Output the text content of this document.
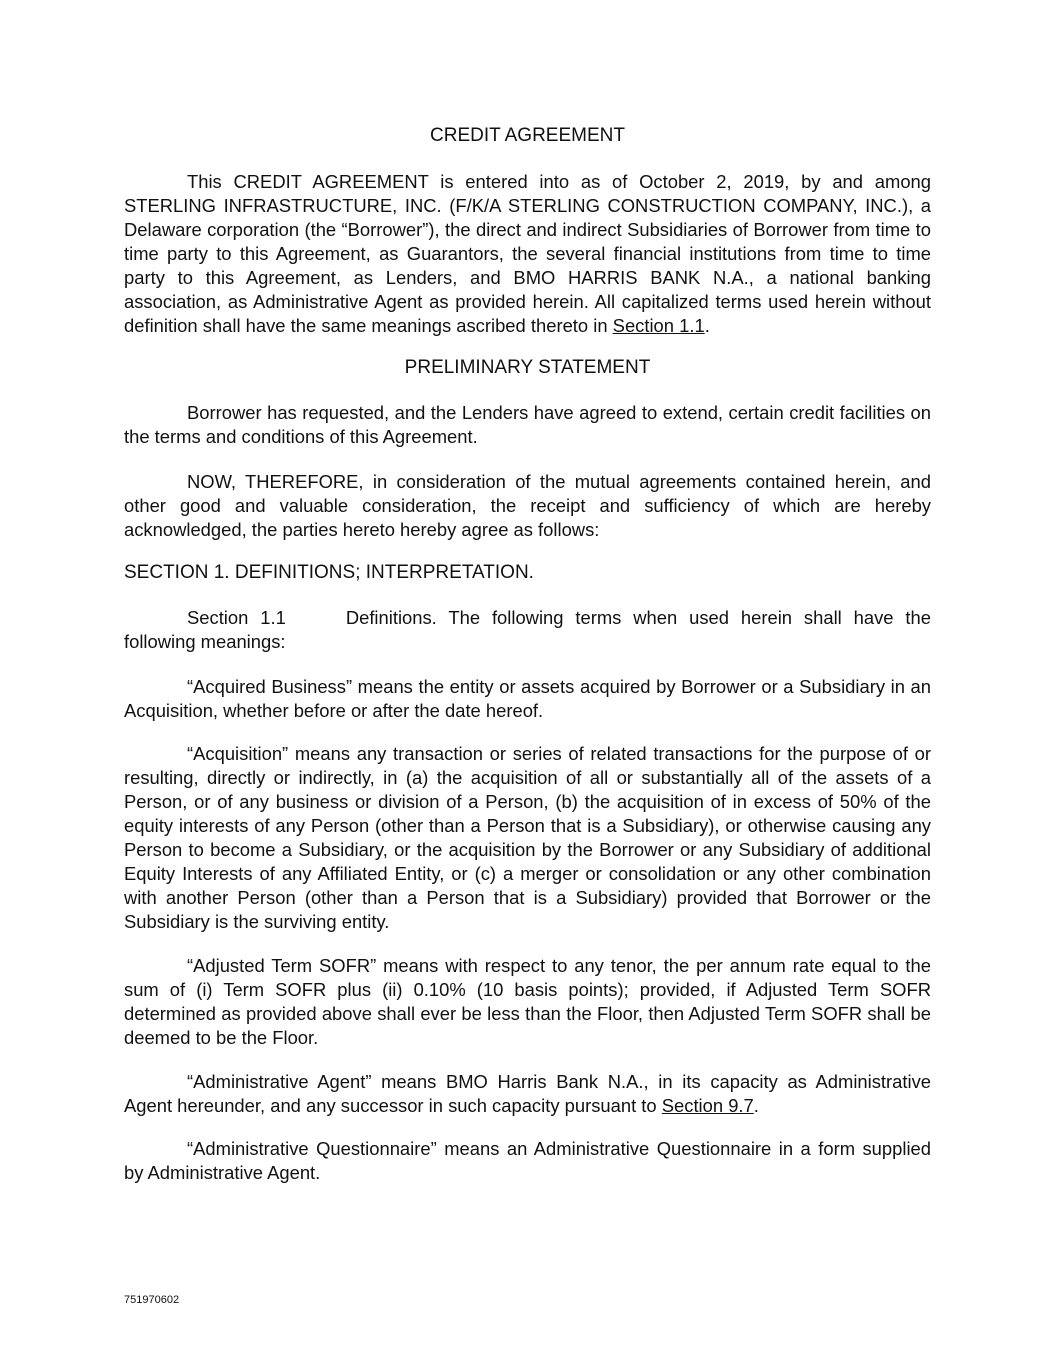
CREDIT AGREEMENT

This CREDIT AGREEMENT is entered into as of October 2, 2019, by and among STERLING INFRASTRUCTURE, INC. (F/K/A STERLING CONSTRUCTION COMPANY, INC.), a Delaware corporation (the “Borrower”), the direct and indirect Subsidiaries of Borrower from time to time party to this Agreement, as Guarantors, the several financial institutions from time to time party to this Agreement, as Lenders, and BMO HARRIS BANK N.A., a national banking association, as Administrative Agent as provided herein. All capitalized terms used herein without definition shall have the same meanings ascribed thereto in Section 1.1.

PRELIMINARY STATEMENT

Borrower has requested, and the Lenders have agreed to extend, certain credit facilities on the terms and conditions of this Agreement.

NOW, THEREFORE, in consideration of the mutual agreements contained herein, and other good and valuable consideration, the receipt and sufficiency of which are hereby acknowledged, the parties hereto hereby agree as follows:

SECTION 1. DEFINITIONS; INTERPRETATION.

Section 1.1	Definitions. The following terms when used herein shall have the following meanings:

“Acquired Business” means the entity or assets acquired by Borrower or a Subsidiary in an Acquisition, whether before or after the date hereof.

“Acquisition” means any transaction or series of related transactions for the purpose of or resulting, directly or indirectly, in (a) the acquisition of all or substantially all of the assets of a Person, or of any business or division of a Person, (b) the acquisition of in excess of 50% of the equity interests of any Person (other than a Person that is a Subsidiary), or otherwise causing any Person to become a Subsidiary, or the acquisition by the Borrower or any Subsidiary of additional Equity Interests of any Affiliated Entity, or (c) a merger or consolidation or any other combination with another Person (other than a Person that is a Subsidiary) provided that Borrower or the Subsidiary is the surviving entity.

“Adjusted Term SOFR” means with respect to any tenor, the per annum rate equal to the sum of (i) Term SOFR plus (ii) 0.10% (10 basis points); provided, if Adjusted Term SOFR determined as provided above shall ever be less than the Floor, then Adjusted Term SOFR shall be deemed to be the Floor.

“Administrative Agent” means BMO Harris Bank N.A., in its capacity as Administrative Agent hereunder, and any successor in such capacity pursuant to Section 9.7.

“Administrative Questionnaire” means an Administrative Questionnaire in a form supplied by Administrative Agent.

751970602
